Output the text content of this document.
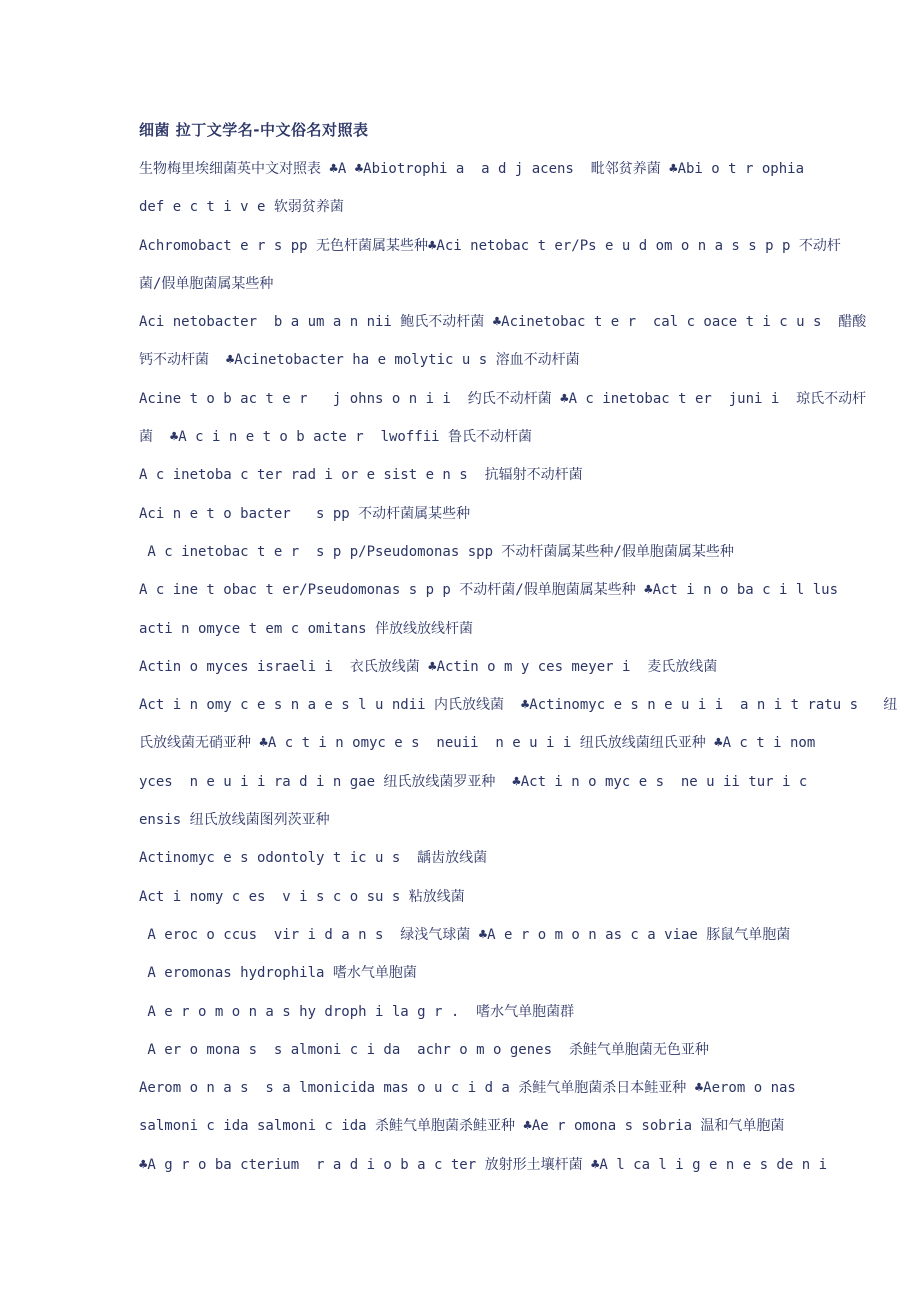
细菌 拉丁文学名-中文俗名对照表
生物梅里埃细菌英中文对照表 ♣A ♣Abiotrophi a  a d j acens  毗邻贫养菌 ♣Abi o t r ophia
def e c t i v e 软弱贫养菌
Achromobact e r s pp 无色杆菌属某些种♣Aci netobac t er/Ps e u d om o n a s s p p 不动杆
菌/假单胞菌属某些种
Aci netobacter  b a um a n nii 鲍氏不动杆菌 ♣Acinetobac t e r  cal c oace t i c u s  醋酸
钙不动杆菌  ♣Acinetobacter ha e molytic u s 溶血不动杆菌
Acine t o b ac t e r   j ohns o n i i  约氏不动杆菌 ♣A c inetobac t er  juni i  琼氏不动杆
菌  ♣A c i n e t o b acte r  lwoffii 鲁氏不动杆菌
A c inetoba c ter rad i or e sist e n s  抗辐射不动杆菌
Aci n e t o bacter   s pp 不动杆菌属某些种
A c inetobac t e r  s p p/Pseudomonas spp 不动杆菌属某些种/假单胞菌属某些种
A c ine t obac t er/Pseudomonas s p p 不动杆菌/假单胞菌属某些种 ♣Act i n o ba c i l lus
acti n omyce t em c omitans 伴放线放线杆菌
Actin o myces israeli i  衣氏放线菌 ♣Actin o m y ces meyer i  麦氏放线菌
Act i n omy c e s n a e s l u ndii 内氏放线菌  ♣Actinomyc e s n e u i i  a n i t ratu s   纽
氏放线菌无硝亚种 ♣A c t i n omyc e s  neuii  n e u i i 纽氏放线菌纽氏亚种 ♣A c t i nom
yces  n e u i i ra d i n gae 纽氏放线菌罗亚种  ♣Act i n o myc e s  ne u ii tur i c
ensis 纽氏放线菌图列茨亚种
Actinomyc e s odontoly t ic u s  龋齿放线菌
Act i nomy c es  v i s c o su s 粘放线菌
A eroc o ccus  vir i d a n s  绿浅气球菌 ♣A e r o m o n as c a viae 豚鼠气单胞菌
A eromonas hydrophila 嗜水气单胞菌
A e r o m o n a s hy droph i la g r .  嗜水气单胞菌群
A er o mona s  s almoni c i da  achr o m o genes  杀鲑气单胞菌无色亚种
Aerom o n a s  s a lmonicida mas o u c i d a 杀鲑气单胞菌杀日本鲑亚种 ♣Aerom o nas
salmoni c ida salmoni c ida 杀鲑气单胞菌杀鲑亚种 ♣Ae r omona s sobria 温和气单胞菌
♣A g r o ba cterium  r a d i o b a c ter 放射形土壤杆菌 ♣A l ca l i g e n e s de n i
